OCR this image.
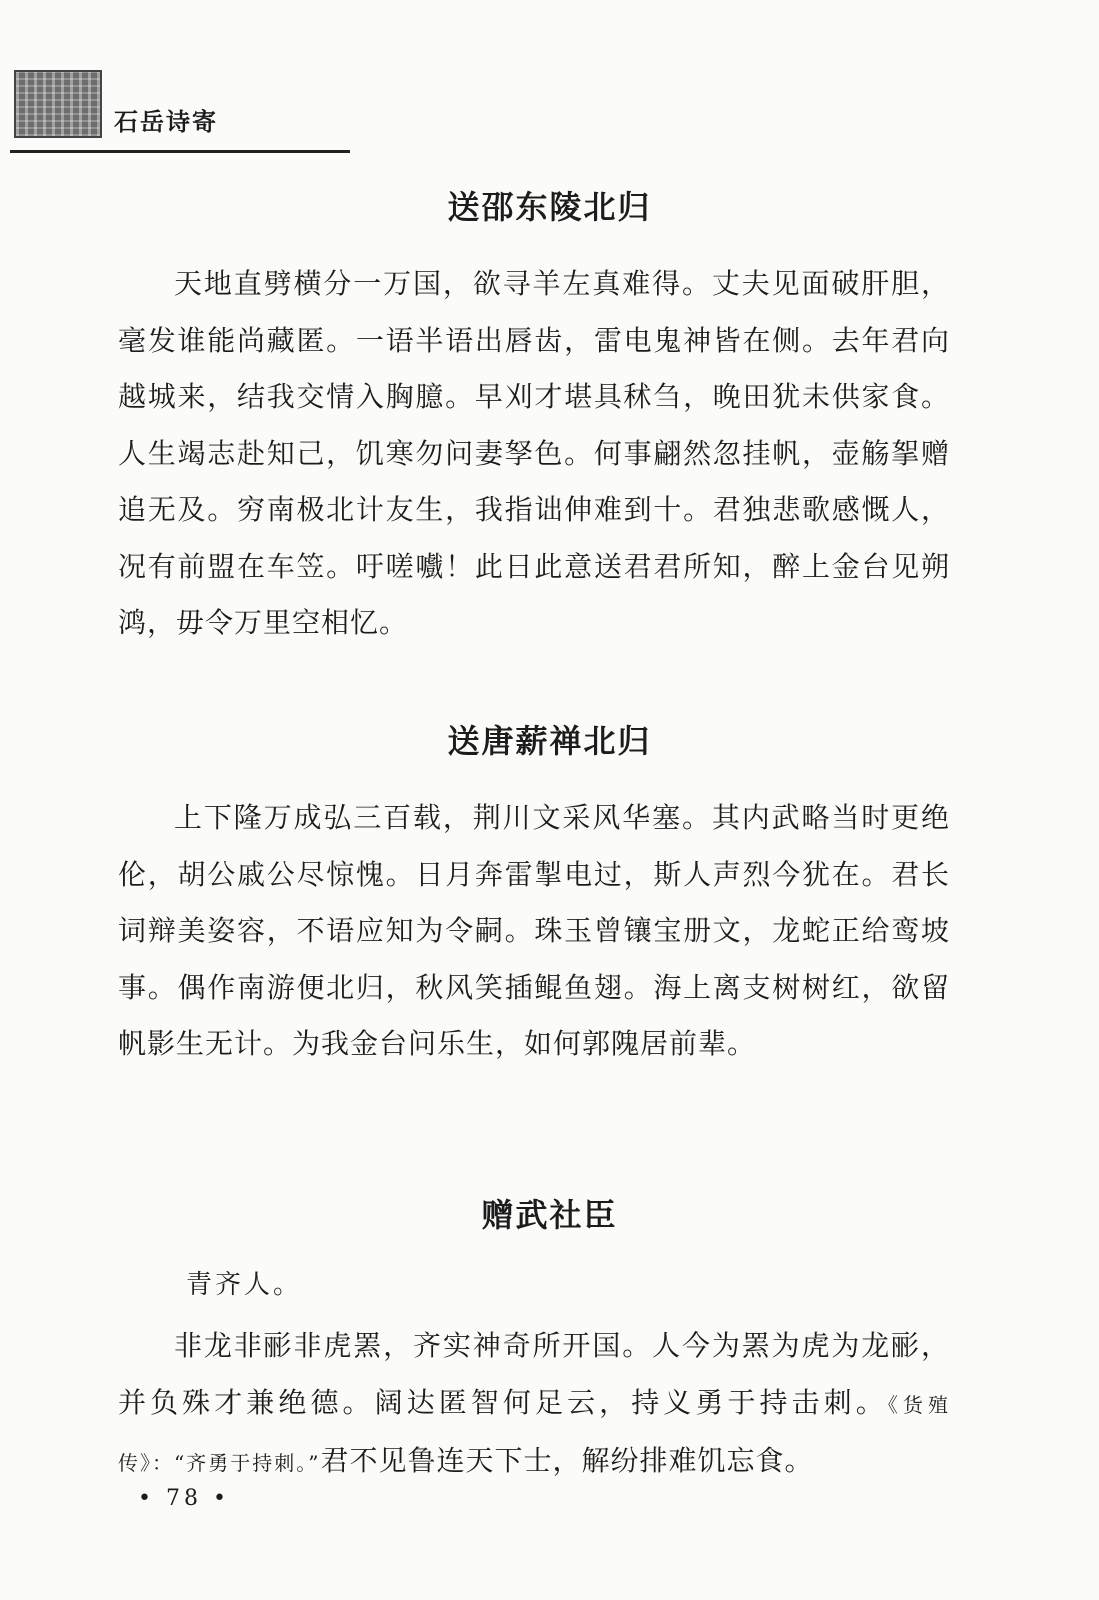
石岳诗寄
送邵东陵北归
天地直劈横分一万国，欲寻羊左真难得。丈夫见面破肝胆，毫发谁能尚藏匿。一语半语出唇齿，雷电鬼神皆在侧。去年君向越城来，结我交情入胸臆。早刈才堪具秫刍，晚田犹未供家食。人生竭志赴知己，饥寒勿问妻孥色。何事翩然忽挂帆，壶觞挐赠追无及。穷南极北计友生，我指诎伸难到十。君独悲歌感慨人，况有前盟在车笠。吁嗟嚱！此日此意送君君所知，醉上金台见朔鸿，毋令万里空相忆。
送唐薪禅北归
上下隆万成弘三百载，荆川文采风华塞。其内武略当时更绝伦，胡公戚公尽惊愧。日月奔雷掣电过，斯人声烈今犹在。君长词辩美姿容，不语应知为令嗣。珠玉曾镶宝册文，龙蛇正给鸾坡事。偶作南游便北归，秋风笑插鲲鱼翅。海上离支树树红，欲留帆影生无计。为我金台问乐生，如何郭隗居前辈。
赠武社臣
青齐人。
非龙非彨非虎罴，齐实神奇所开国。人今为罴为虎为龙彨，并负殊才兼绝德。阔达匿智何足云，持义勇于持击刺。《货殖传》：“齐勇于持刺。”君不见鲁连天下士，解纷排难饥忘食。
• 78 •
